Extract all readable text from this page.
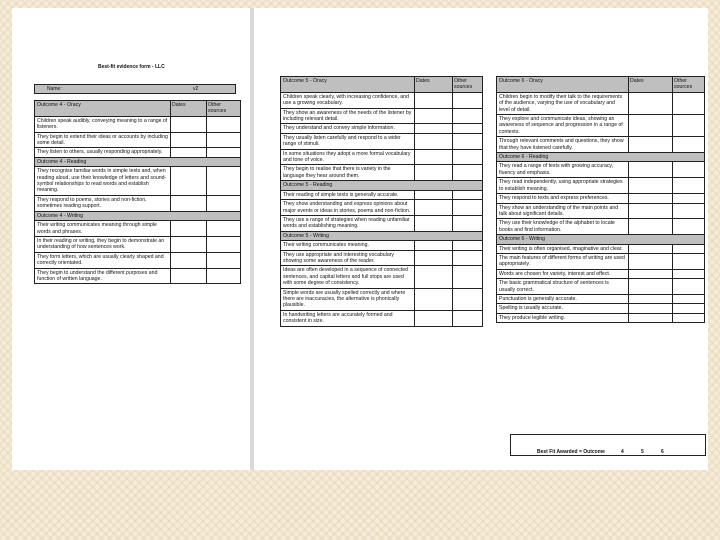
Best-fit evidence form - LLC
Name:	v2
Outcome 4 - Oracy	Dates	Other sources
Children speak audibly, conveying meaning to a range of listeners.		
They begin to extend their ideas or accounts by including some detail.		
They listen to others, usually responding appropriately.		
Outcome 4 - Reading		
They recognise familiar words in simple texts and, when reading aloud, use their knowledge of letters and sound-symbol relationships to read words and establish meaning.		
They respond to poems, stories and non-fiction, sometimes reading support.		
Outcome 4 - Writing		
Their writing communicates meaning through simple words and phrases.		
In their reading or writing, they begin to demonstrate an understanding of how sentences work.		
They form letters, which are usually clearly shaped and correctly orientated.		
They begin to understand the different purposes and function of written language.		
Outcome 5 - Oracy	Dates	Other sources
Children speak clearly, with increasing confidence, and use a growing vocabulary.		
They show an awareness of the needs of the listener by including relevant detail.		
They understand and convey simple information.		
They usually listen carefully and respond to a wider range of stimuli.		
In some situations they adopt a more formal vocabulary and tone of voice.		
They begin to realise that there is variety in the language they hear around them.		
Outcome 5 - Reading		
Their reading of simple texts is generally accurate.		
They show understanding and express opinions about major events or ideas in stories, poems and non-fiction.		
They use a range of strategies when reading unfamiliar words and establishing meaning.		
Outcome 5 - Writing		
Their writing communicates meaning.		
They use appropriate and interesting vocabulary showing some awareness of the reader.		
Ideas are often developed in a sequence of connected sentences, and capital letters and full stops are used with some degree of consistency.		
Simple words are usually spelled correctly and where there are inaccuracies, the alternative is phonically plausible.		
In handwriting letters are accurately formed and consistent in size.		
Outcome 6 - Oracy	Dates	Other sources
Children begin to modify their talk to the requirements of the audience, varying the use of vocabulary and level of detail.		
They explore and communicate ideas, showing an awareness of sequence and progression in a range of contexts.		
Through relevant comments and questions, they show that they have listened carefully.		
Outcome 6 - Reading		
They read a range of texts with growing accuracy, fluency and emphasis.		
They read independently, using appropriate strategies to establish meaning.		
They respond to texts and express preferences.		
They show an understanding of the main points and talk about significant details.		
They use their knowledge of the alphabet to locate books and find information.		
Outcome 6 - Writing		
Their writing is often organised, imaginative and clear.		
The main features of different forms of writing are used appropriately.		
Words are chosen for variety, interest and effect.		
The basic grammatical structure of sentences is usually correct.		
Punctuation is generally accurate.		
Spelling is usually accurate.		
They produce legible writing.		
Best Fit Awarded = Outcome	4	5	6
